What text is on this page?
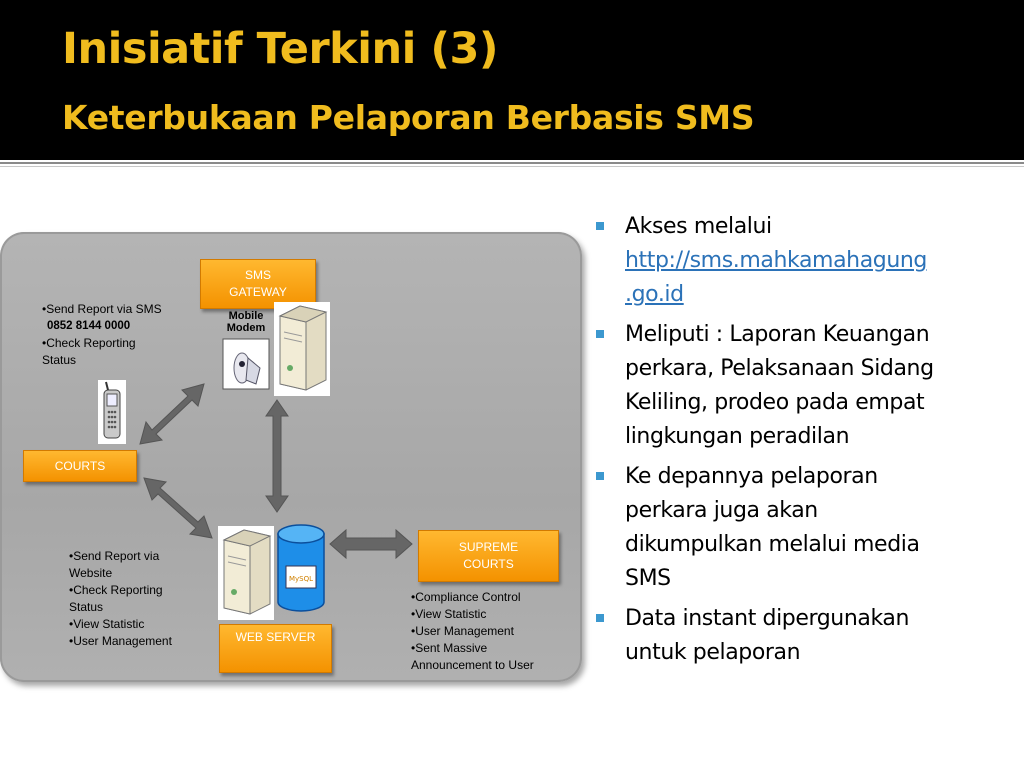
Inisiatif Terkini (3)
Keterbukaan Pelaporan Berbasis SMS
SMS GATEWAY
Mobile
Modem
•Send Report via SMS
0852 8144 0000
•Check Reporting
Status
COURTS
MySQL
WEB SERVER
SUPREME COURTS
•Send Report via
Website
•Check Reporting
Status
•View Statistic
•User Management
•Compliance Control
•View Statistic
•User Management
•Sent Massive
Announcement to User
Akses melalui
http://sms.mahkamahagung
.go.id
Meliputi : Laporan Keuangan
perkara, Pelaksanaan Sidang
Keliling, prodeo pada empat
lingkungan peradilan
Ke depannya pelaporan
perkara juga akan
dikumpulkan melalui media
SMS
Data instant dipergunakan
untuk pelaporan
